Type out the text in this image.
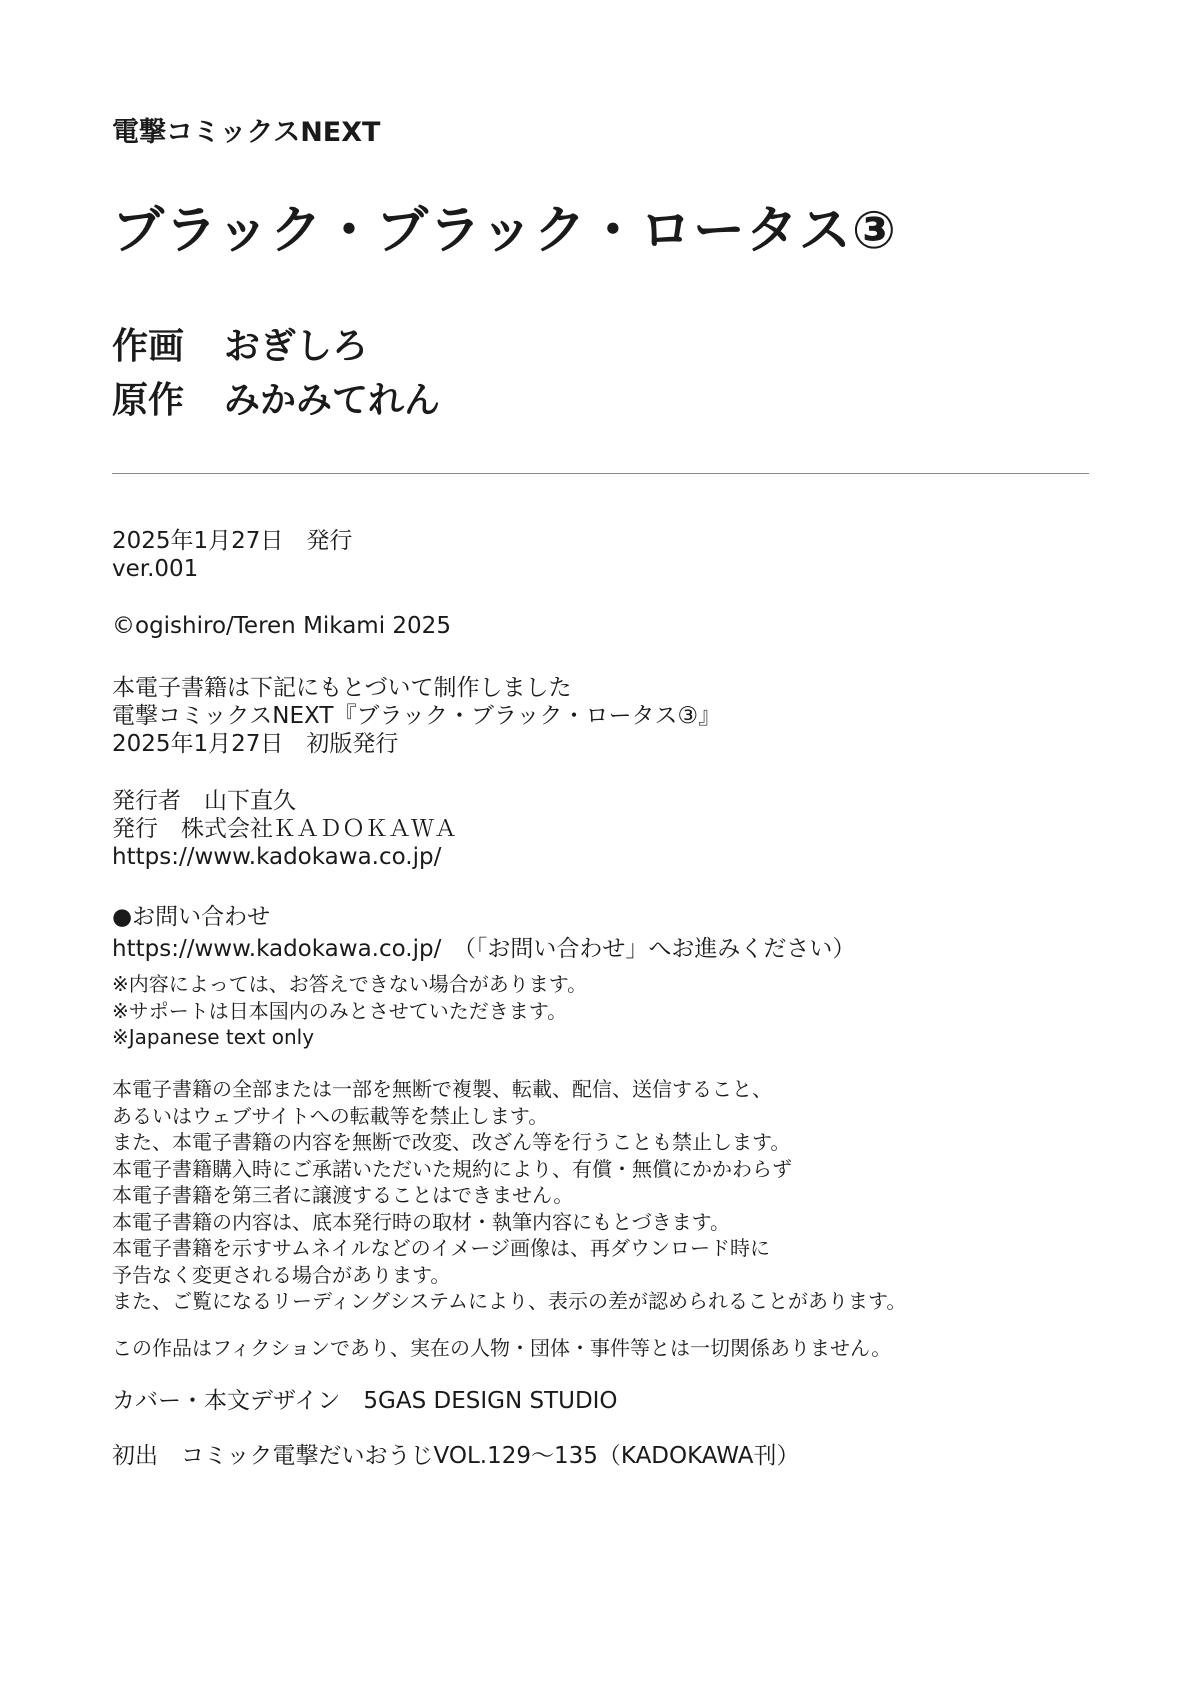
電撃コミックスNEXT
ブラック・ブラック・ロータス③
作画 おぎしろ
原作 みかみてれん
2025年1月27日　発行
ver.001
©ogishiro/Teren Mikami 2025
本電子書籍は下記にもとづいて制作しました
電撃コミックスNEXT『ブラック・ブラック・ロータス③』
2025年1月27日　初版発行
発行者　山下直久
発行　株式会社ＫＡＤＯＫＡＷＡ
https://www.kadokawa.co.jp/
●お問い合わせ
https://www.kadokawa.co.jp/　（「お問い合わせ」へお進みください）
※内容によっては、お答えできない場合があります。
※サポートは日本国内のみとさせていただきます。
※Japanese text only
本電子書籍の全部または一部を無断で複製、転載、配信、送信すること、
あるいはウェブサイトへの転載等を禁止します。
また、本電子書籍の内容を無断で改変、改ざん等を行うことも禁止します。
本電子書籍購入時にご承諾いただいた規約により、有償・無償にかかわらず
本電子書籍を第三者に譲渡することはできません。
本電子書籍の内容は、底本発行時の取材・執筆内容にもとづきます。
本電子書籍を示すサムネイルなどのイメージ画像は、再ダウンロード時に
予告なく変更される場合があります。
また、ご覧になるリーディングシステムにより、表示の差が認められることがあります。
この作品はフィクションであり、実在の人物・団体・事件等とは一切関係ありません。
カバー・本文デザイン　5GAS DESIGN STUDIO
初出　コミック電撃だいおうじVOL.129〜135（KADOKAWA刊）
